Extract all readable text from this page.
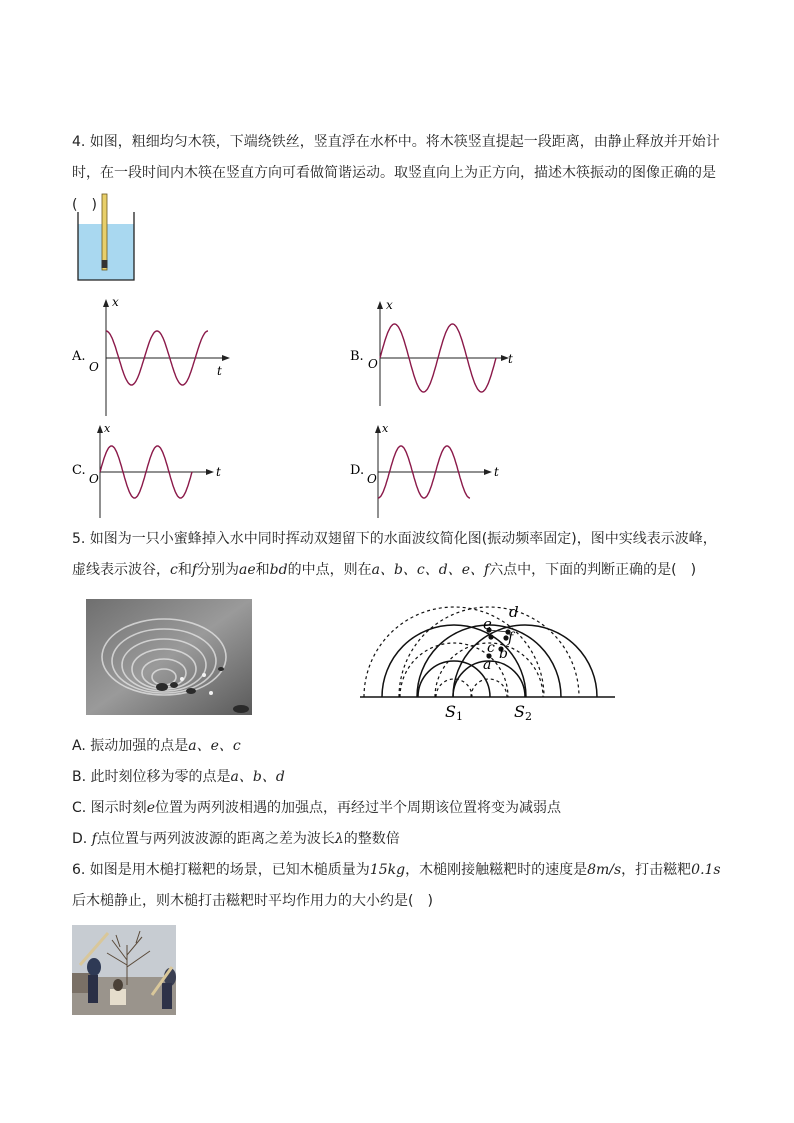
4. 如图，粗细均匀木筷，下端绕铁丝，竖直浮在水杯中。将木筷竖直提起一段距离，由静止释放并开始计
时，在一段时间内木筷在竖直方向可看做简谐运动。取竖直向上为正方向，描述木筷振动的图像正确的是
(　)
A.
x
O	t
B.
x
O	t
C.
x
O	t	D.
x
O	t
5. 如图为一只小蜜蜂掉入水中同时挥动双翅留下的水面波纹简化图(振动频率固定)，图中实线表示波峰，
虚线表示波谷，c和f分别为ae和bd的中点，则在a、b、c、d、e、f六点中，下面的判断正确的是(　)
a
b
c
d
e
f
S1	S2
A. 振动加强的点是a、e、c
B. 此时刻位移为零的点是a、b、d
C. 图示时刻e位置为两列波相遇的加强点，再经过半个周期该位置将变为减弱点
D. f点位置与两列波波源的距离之差为波长λ的整数倍
6. 如图是用木槌打糍粑的场景，已知木槌质量为15kg，木槌刚接触糍粑时的速度是8m/s，打击糍粑0.1s
后木槌静止，则木槌打击糍粑时平均作用力的大小约是(　)
